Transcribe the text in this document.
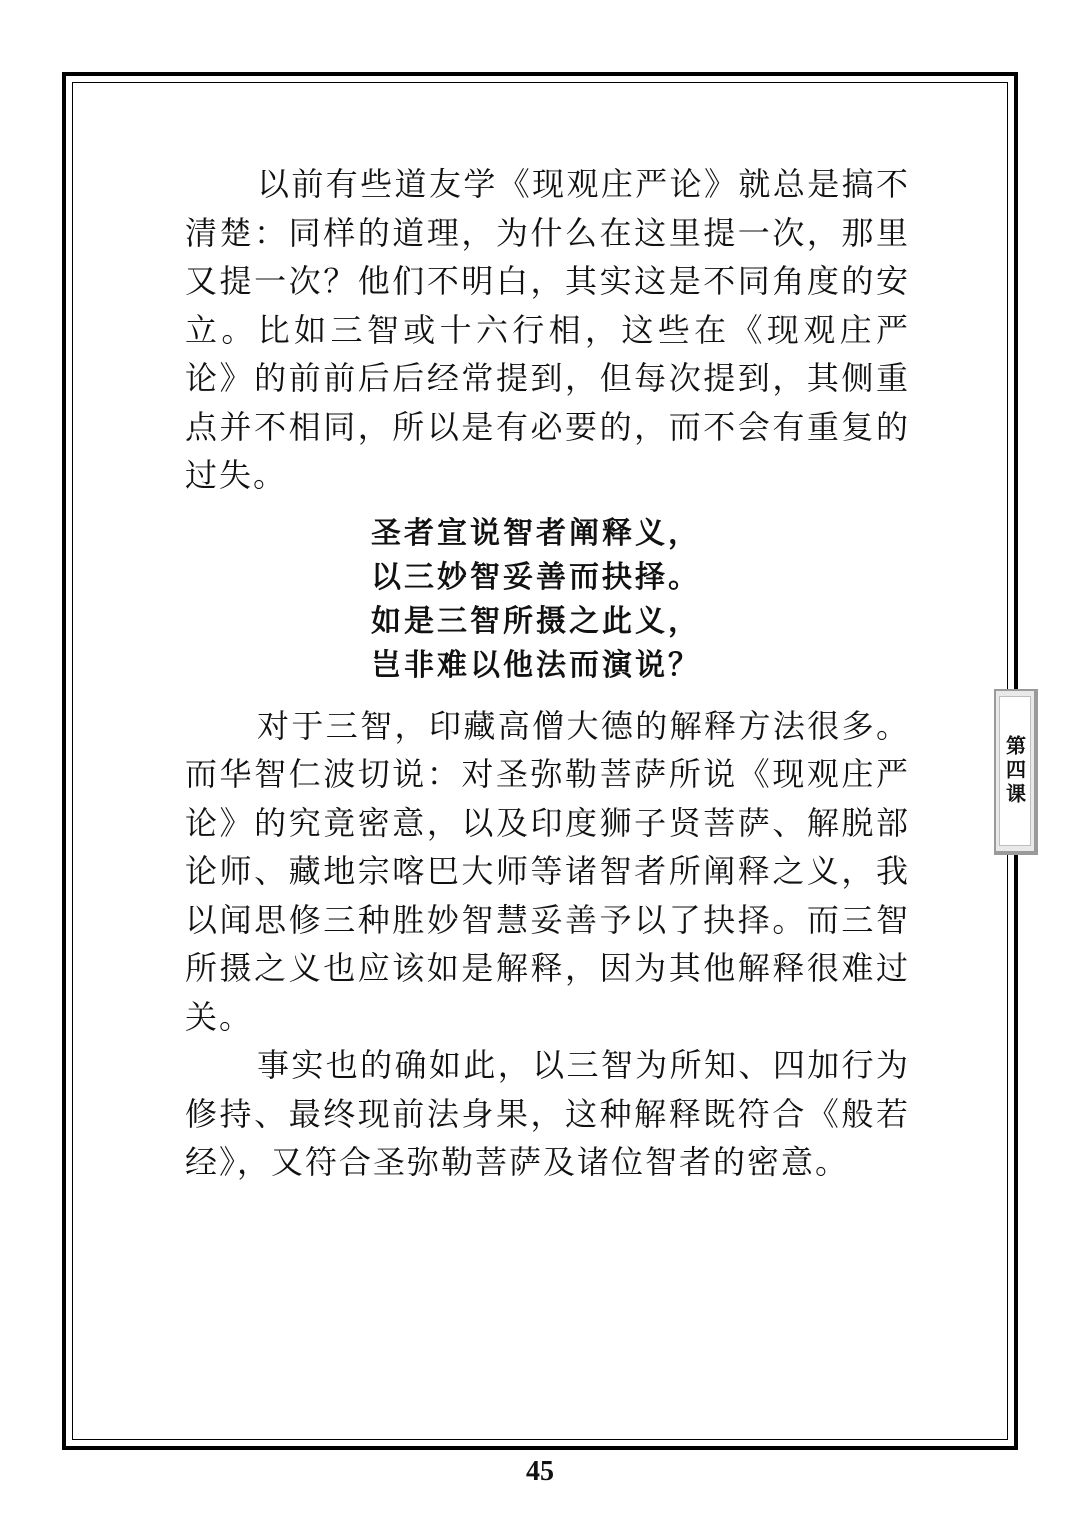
以前有些道友学《现观庄严论》就总是搞不清楚：同样的道理，为什么在这里提一次，那里又提一次？他们不明白，其实这是不同角度的安立。比如三智或十六行相，这些在《现观庄严论》的前前后后经常提到，但每次提到，其侧重点并不相同，所以是有必要的，而不会有重复的过失。

圣者宣说智者阐释义，
以三妙智妥善而抉择。
如是三智所摄之此义，
岂非难以他法而演说？

对于三智，印藏高僧大德的解释方法很多。而华智仁波切说：对圣弥勒菩萨所说《现观庄严论》的究竟密意，以及印度狮子贤菩萨、解脱部论师、藏地宗喀巴大师等诸智者所阐释之义，我以闻思修三种胜妙智慧妥善予以了抉择。而三智所摄之义也应该如是解释，因为其他解释很难过关。

事实也的确如此，以三智为所知、四加行为修持、最终现前法身果，这种解释既符合《般若经》，又符合圣弥勒菩萨及诸位智者的密意。

第四课
45
